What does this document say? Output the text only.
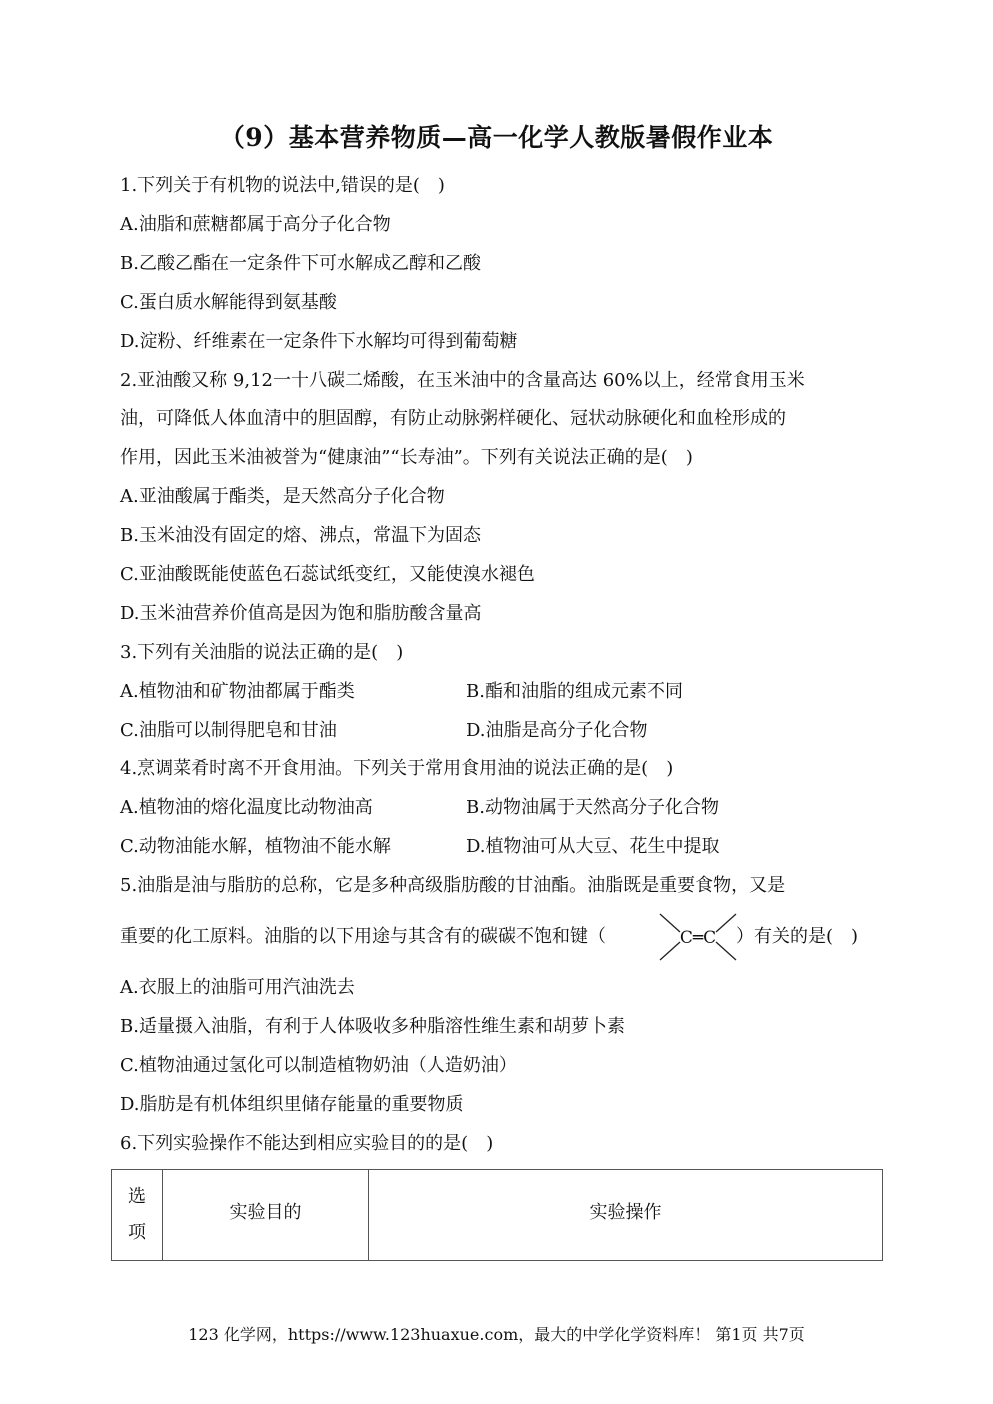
（9）基本营养物质—高一化学人教版暑假作业本
1.下列关于有机物的说法中,错误的是(　)
A.油脂和蔗糖都属于高分子化合物
B.乙酸乙酯在一定条件下可水解成乙醇和乙酸
C.蛋白质水解能得到氨基酸
D.淀粉、纤维素在一定条件下水解均可得到葡萄糖
2.亚油酸又称 9,12一十八碳二烯酸，在玉米油中的含量高达 60%以上，经常食用玉米
油，可降低人体血清中的胆固醇，有防止动脉粥样硬化、冠状动脉硬化和血栓形成的
作用，因此玉米油被誉为“健康油”“长寿油”。下列有关说法正确的是(　)
A.亚油酸属于酯类，是天然高分子化合物
B.玉米油没有固定的熔、沸点，常温下为固态
C.亚油酸既能使蓝色石蕊试纸变红，又能使溴水褪色
D.玉米油营养价值高是因为饱和脂肪酸含量高
3.下列有关油脂的说法正确的是(　)
A.植物油和矿物油都属于酯类	B.酯和油脂的组成元素不同
C.油脂可以制得肥皂和甘油	D.油脂是高分子化合物
4.烹调菜肴时离不开食用油。下列关于常用食用油的说法正确的是(　)
A.植物油的熔化温度比动物油高	B.动物油属于天然高分子化合物
C.动物油能水解，植物油不能水解	D.植物油可从大豆、花生中提取
5.油脂是油与脂肪的总称，它是多种高级脂肪酸的甘油酯。油脂既是重要食物，又是
重要的化工原料。油脂的以下用途与其含有的碳碳不饱和键（	C═C ）有关的是(　)
A.衣服上的油脂可用汽油洗去
B.适量摄入油脂，有利于人体吸收多种脂溶性维生素和胡萝卜素
C.植物油通过氢化可以制造植物奶油（人造奶油）
D.脂肪是有机体组织里储存能量的重要物质
6.下列实验操作不能达到相应实验目的的是(　)
选
项	实验目的	实验操作
123 化学网，https://www.123huaxue.com，最大的中学化学资料库！ 第1页 共7页
